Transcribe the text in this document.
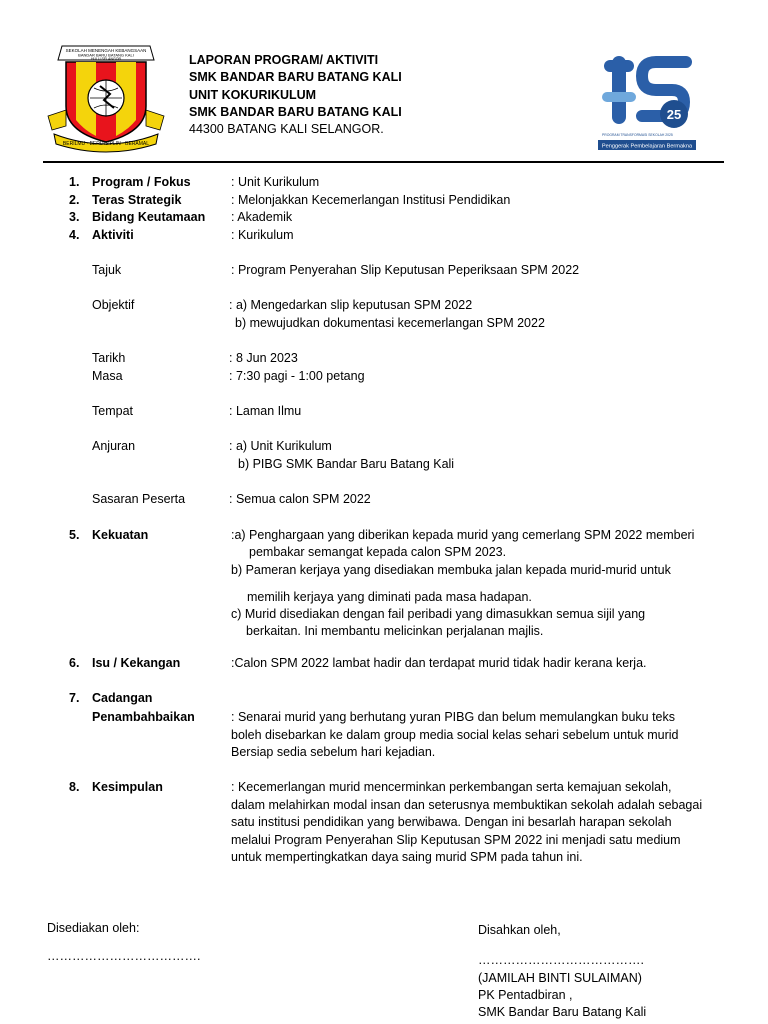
SEKOLAH MENENGAH KEBANGSAAN
BANDAR BARU BATANG KALI
HULU SELANGOR
BERILMU · BERDISIPLIN · BERAMAL
LAPORAN PROGRAM/ AKTIVITI
SMK BANDAR BARU BATANG KALI
UNIT KOKURIKULUM
SMK BANDAR BARU BATANG KALI
44300 BATANG KALI SELANGOR.
25
PROGRAM TRANSFORMASI SEKOLAH 2025
Penggerak Pembelajaran Bermakna
1. Program / Fokus	: Unit Kurikulum
2. Teras Strategik	: Melonjakkan Kecemerlangan Institusi Pendidikan
3. Bidang Keutamaan : Akademik
4. Aktiviti	: Kurikulum
Tajuk	: Program Penyerahan Slip Keputusan Peperiksaan SPM 2022
Objektif	: a) Mengedarkan slip keputusan SPM 2022
b) mewujudkan dokumentasi kecemerlangan SPM 2022
Tarikh	: 8 Jun 2023
Masa	: 7:30 pagi - 1:00 petang
Tempat	: Laman Ilmu
Anjuran	: a) Unit Kurikulum
b) PIBG SMK Bandar Baru Batang Kali
Sasaran Peserta	: Semua calon SPM 2022
5. Kekuatan	:a) Penghargaan yang diberikan kepada murid yang cemerlang SPM 2022 memberi
pembakar semangat kepada calon SPM 2023.
b) Pameran kerjaya yang disediakan membuka jalan kepada murid-murid untuk
memilih kerjaya yang diminati pada masa hadapan.
c) Murid disediakan dengan fail peribadi yang dimasukkan semua sijil yang
berkaitan. Ini membantu melicinkan perjalanan majlis.
6. Isu / Kekangan	:Calon SPM 2022 lambat hadir dan terdapat murid tidak hadir kerana kerja.
7. Cadangan
Penambahbaikan	: Senarai murid yang berhutang yuran PIBG dan belum memulangkan buku teks
boleh disebarkan ke dalam group media social kelas sehari sebelum untuk murid
Bersiap sedia sebelum hari kejadian.
8. Kesimpulan	: Kecemerlangan murid mencerminkan perkembangan serta kemajuan sekolah,
dalam melahirkan modal insan dan seterusnya membuktikan sekolah adalah sebagai
satu institusi pendidikan yang berwibawa. Dengan ini besarlah harapan sekolah
melalui Program Penyerahan Slip Keputusan SPM 2022 ini menjadi satu medium
untuk mempertingkatkan daya saing murid SPM pada tahun ini.
Disediakan oleh:
……………………………….
Disahkan oleh,
………………………………….
(JAMILAH BINTI SULAIMAN)
PK Pentadbiran ,
SMK Bandar Baru Batang Kali
